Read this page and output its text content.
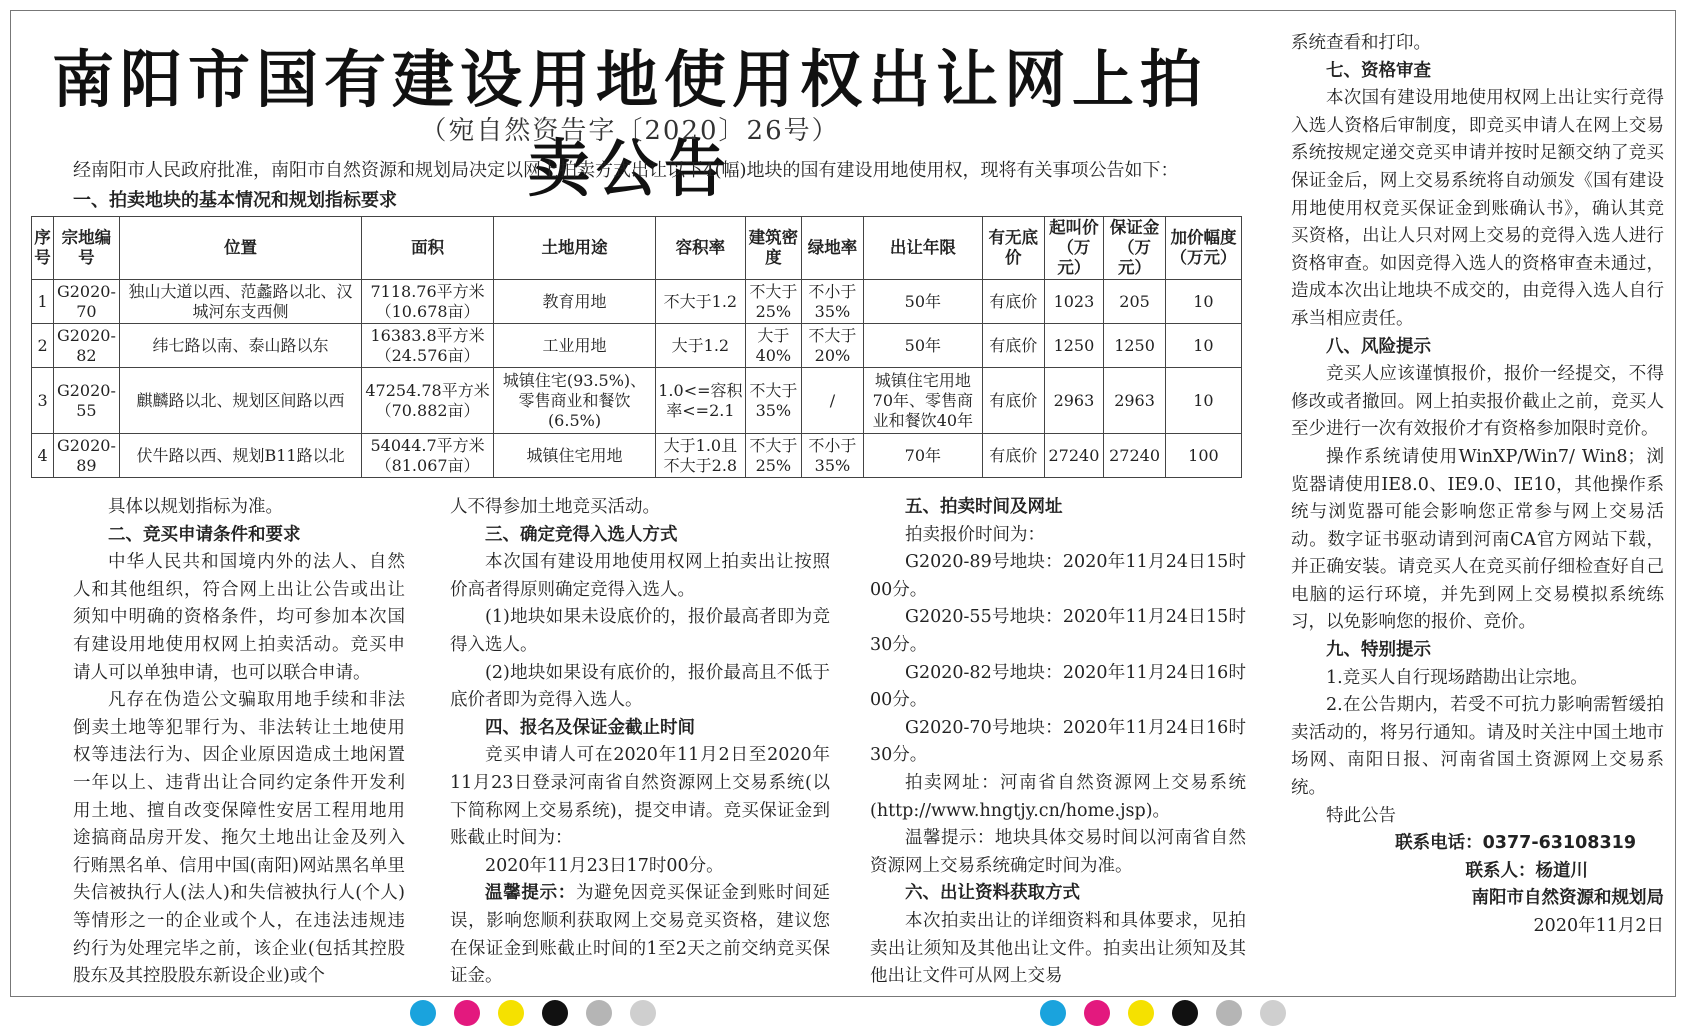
南阳市国有建设用地使用权出让网上拍卖公告
（宛自然资告字〔2020〕26号）
经南阳市人民政府批准，南阳市自然资源和规划局决定以网上拍卖方式出让以下4(幅)地块的国有建设用地使用权，现将有关事项公告如下：
一、拍卖地块的基本情况和规划指标要求
序号	宗地编号	位置	面积	土地用途	容积率	建筑密度	绿地率	出让年限	有无底价	起叫价（万元）	保证金（万元）	加价幅度（万元）
1	G2020-70	独山大道以西、范蠡路以北、汉城河东支西侧	7118.76平方米（10.678亩）	教育用地	不大于1.2	不大于25%	不小于35%	50年	有底价	1023	205	10
2	G2020-82	纬七路以南、泰山路以东	16383.8平方米（24.576亩）	工业用地	大于1.2	大于40%	不大于20%	50年	有底价	1250	1250	10
3	G2020-55	麒麟路以北、规划区间路以西	47254.78平方米（70.882亩）	城镇住宅(93.5%)、零售商业和餐饮(6.5%)	1.0<=容积率<=2.1	不大于35%	/	城镇住宅用地70年、零售商业和餐饮40年	有底价	2963	2963	10
4	G2020-89	伏牛路以西、规划B11路以北	54044.7平方米（81.067亩）	城镇住宅用地	大于1.0且不大于2.8	不大于25%	不小于35%	70年	有底价	27240	27240	100

具体以规划指标为准。

二、竞买申请条件和要求

中华人民共和国境内外的法人、自然人和其他组织，符合网上出让公告或出让须知中明确的资格条件，均可参加本次国有建设用地使用权网上拍卖活动。竞买申请人可以单独申请，也可以联合申请。

凡存在伪造公文骗取用地手续和非法倒卖土地等犯罪行为、非法转让土地使用权等违法行为、因企业原因造成土地闲置一年以上、违背出让合同约定条件开发利用土地、擅自改变保障性安居工程用地用途搞商品房开发、拖欠土地出让金及列入行贿黑名单、信用中国(南阳)网站黑名单里失信被执行人(法人)和失信被执行人(个人)等情形之一的企业或个人，在违法违规违约行为处理完毕之前，该企业(包括其控股股东及其控股股东新设企业)或个

人不得参加土地竞买活动。

三、确定竞得入选人方式

本次国有建设用地使用权网上拍卖出让按照价高者得原则确定竞得入选人。

(1)地块如果未设底价的，报价最高者即为竞得入选人。

(2)地块如果设有底价的，报价最高且不低于底价者即为竞得入选人。

四、报名及保证金截止时间

竞买申请人可在2020年11月2日至2020年11月23日登录河南省自然资源网上交易系统(以下简称网上交易系统)，提交申请。竞买保证金到账截止时间为：

2020年11月23日17时00分。

温馨提示：为避免因竞买保证金到账时间延误，影响您顺利获取网上交易竞买资格，建议您在保证金到账截止时间的1至2天之前交纳竞买保证金。

五、拍卖时间及网址

拍卖报价时间为：

G2020-89号地块：2020年11月24日15时00分。

G2020-55号地块：2020年11月24日15时30分。

G2020-82号地块：2020年11月24日16时00分。

G2020-70号地块：2020年11月24日16时30分。

拍卖网址：河南省自然资源网上交易系统(http://www.hngtjy.cn/home.jsp)。

温馨提示：地块具体交易时间以河南省自然资源网上交易系统确定时间为准。

六、出让资料获取方式

本次拍卖出让的详细资料和具体要求，见拍卖出让须知及其他出让文件。拍卖出让须知及其他出让文件可从网上交易

系统查看和打印。

七、资格审查

本次国有建设用地使用权网上出让实行竞得入选人资格后审制度，即竞买申请人在网上交易系统按规定递交竞买申请并按时足额交纳了竞买保证金后，网上交易系统将自动颁发《国有建设用地使用权竞买保证金到账确认书》，确认其竞买资格，出让人只对网上交易的竞得入选人进行资格审查。如因竞得入选人的资格审查未通过，造成本次出让地块不成交的，由竞得入选人自行承当相应责任。

八、风险提示

竞买人应该谨慎报价，报价一经提交，不得修改或者撤回。网上拍卖报价截止之前，竞买人至少进行一次有效报价才有资格参加限时竞价。

操作系统请使用WinXP/Win7/ Win8；浏览器请使用IE8.0、IE9.0、IE10，其他操作系统与浏览器可能会影响您正常参与网上交易活动。数字证书驱动请到河南CA官方网站下载，并正确安装。请竞买人在竞买前仔细检查好自己电脑的运行环境，并先到网上交易模拟系统练习，以免影响您的报价、竞价。

九、特别提示

1.竞买人自行现场踏勘出让宗地。

2.在公告期内，若受不可抗力影响需暂缓拍卖活动的，将另行通知。请及时关注中国土地市场网、南阳日报、河南省国土资源网上交易系统。

特此公告

联系电话：0377-63108319

联系人：杨道川

南阳市自然资源和规划局

2020年11月2日
